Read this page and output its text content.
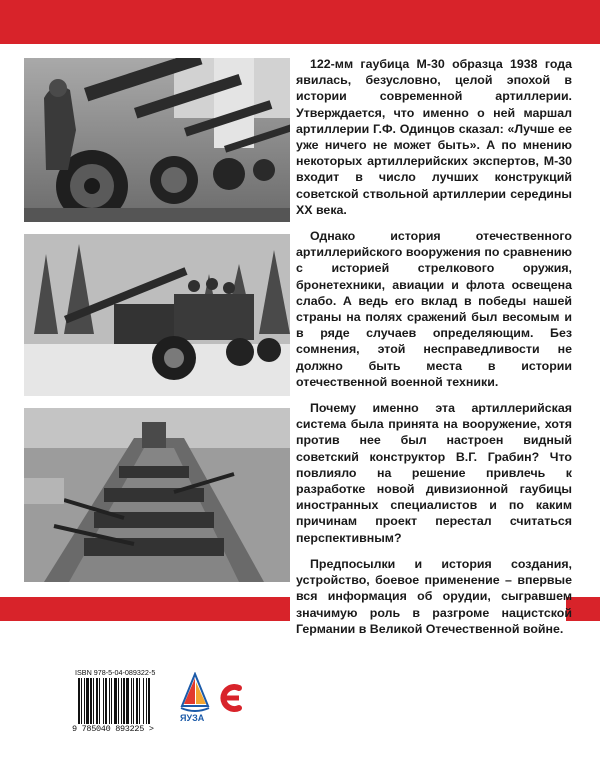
122-мм гаубица М-30 образца 1938 года явилась, безусловно, целой эпохой в истории современной артиллерии. Утверждается, что именно о ней маршал артиллерии Г.Ф. Одинцов сказал: «Лучше ее уже ничего не может быть». А по мнению некоторых артиллерийских экспертов, М-30 входит в число лучших конструкций советской ствольной артиллерии середины XX века.

Однако история отечественного артиллерийского вооружения по сравнению с историей стрелкового оружия, бронетехники, авиации и флота освещена слабо. А ведь его вклад в победы нашей страны на полях сражений был весомым и в ряде случаев определяющим. Без сомнения, этой несправедливости не должно быть места в истории отечественной военной техники.

Почему именно эта артиллерийская система была принята на вооружение, хотя против нее был настроен видный советский конструктор В.Г. Грабин? Что повлияло на решение привлечь к разработке новой дивизионной гаубицы иностранных специалистов и по каким причинам проект перестал считаться перспективным?

Предпосылки и история создания, устройство, боевое применение – впервые вся информация об орудии, сыгравшем значимую роль в разгроме нацистской Германии в Великой Отечественной войне.

ISBN 978-5-04-089322-5
9 785040 893225 >
ЯУЗА
